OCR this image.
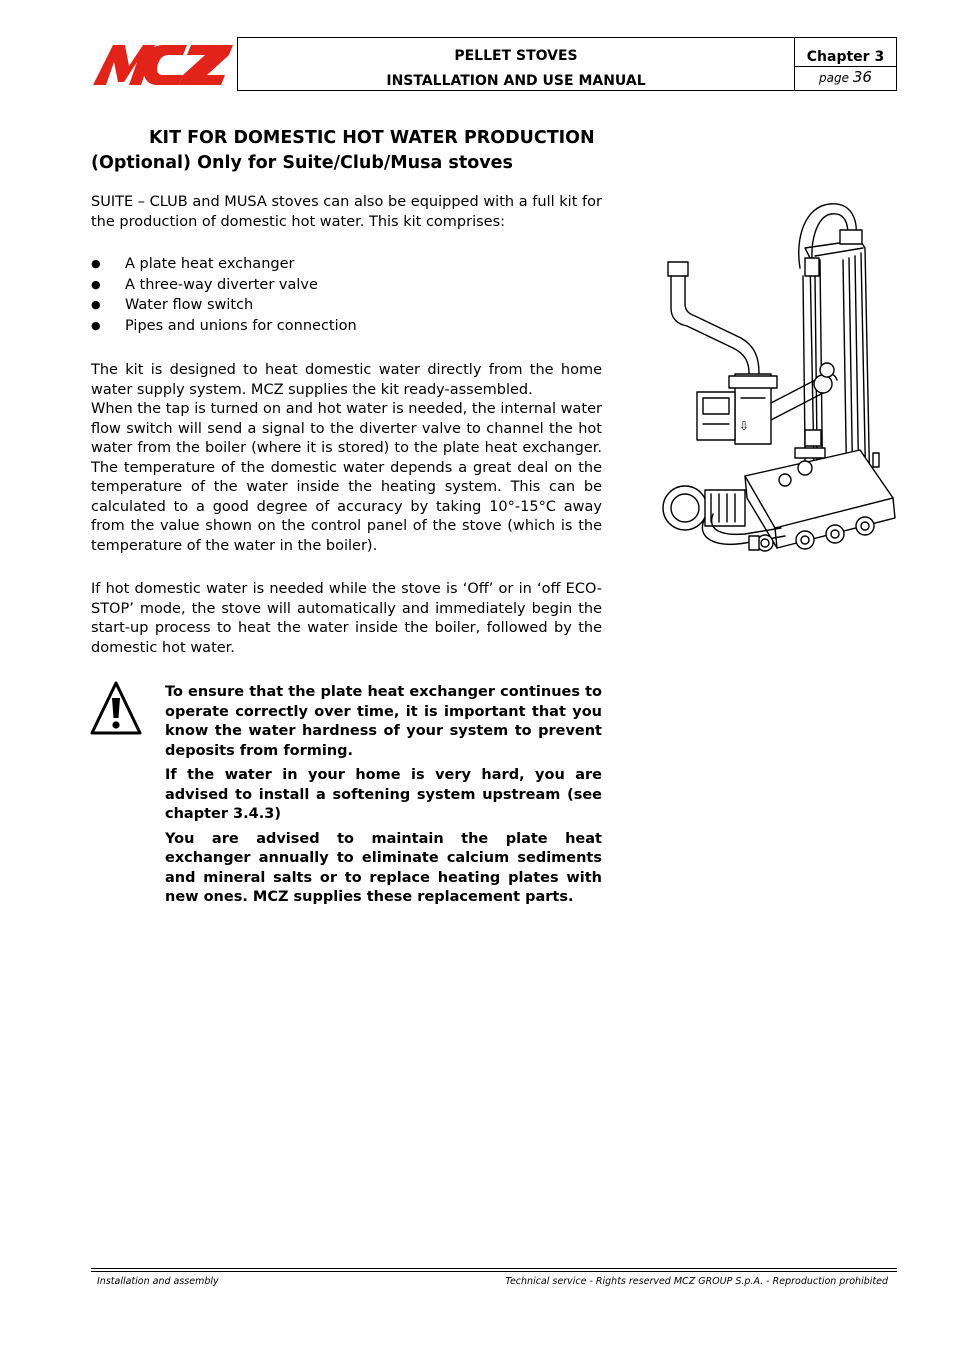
PELLET STOVES
INSTALLATION AND USE MANUAL
Chapter 3
page 36
KIT FOR DOMESTIC HOT WATER PRODUCTION
(Optional) Only for Suite/Club/Musa stoves

SUITE – CLUB and MUSA stoves can also be equipped with a full kit for the production of domestic hot water. This kit comprises:

● A plate heat exchanger
● A three-way diverter valve
● Water flow switch
● Pipes and unions for connection

The kit is designed to heat domestic water directly from the home water supply system. MCZ supplies the kit ready-assembled.

When the tap is turned on and hot water is needed, the internal water flow switch will send a signal to the diverter valve to channel the hot water from the boiler (where it is stored) to the plate heat exchanger. The temperature of the domestic water depends a great deal on the temperature of the water inside the heating system. This can be calculated to a good degree of accuracy by taking 10°-15°C away from the value shown on the control panel of the stove (which is the temperature of the water in the boiler).

If hot domestic water is needed while the stove is ‘Off’ or in ‘off ECO-STOP’ mode, the stove will automatically and immediately begin the start-up process to heat the water inside the boiler, followed by the domestic hot water.

To ensure that the plate heat exchanger continues to operate correctly over time, it is important that you know the water hardness of your system to prevent deposits from forming.

If the water in your home is very hard, you are advised to install a softening system upstream (see chapter 3.4.3)

You are advised to maintain the plate heat exchanger annually to eliminate calcium sediments and mineral salts or to replace heating plates with new ones. MCZ supplies these replacement parts.

⇩
Installation and assembly	Technical service - Rights reserved MCZ GROUP S.p.A. - Reproduction prohibited
